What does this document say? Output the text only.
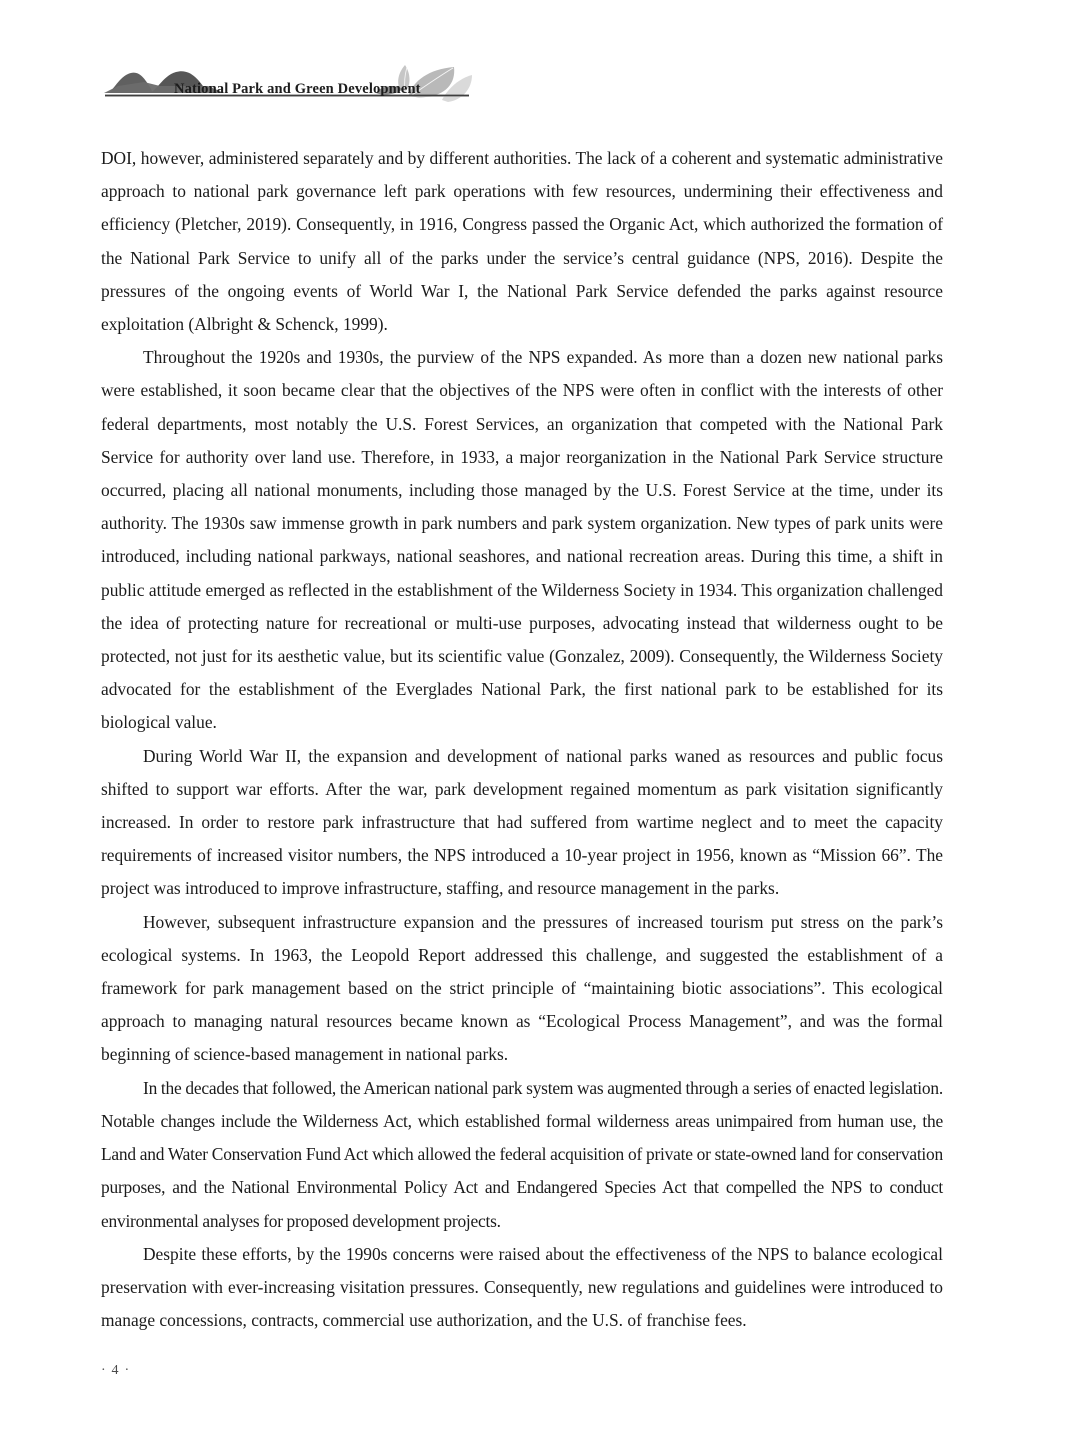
National Park and Green Development

DOI, however, administered separately and by different authorities. The lack of a coherent and systematic administrative approach to national park governance left park operations with few resources, undermining their effectiveness and efficiency (Pletcher, 2019). Consequently, in 1916, Congress passed the Organic Act, which authorized the formation of the National Park Service to unify all of the parks under the service’s central guidance (NPS, 2016). Despite the pressures of the ongoing events of World War I, the National Park Service defended the parks against resource exploitation (Albright & Schenck, 1999).

Throughout the 1920s and 1930s, the purview of the NPS expanded. As more than a dozen new national parks were established, it soon became clear that the objectives of the NPS were often in conflict with the interests of other federal departments, most notably the U.S. Forest Services, an organization that competed with the National Park Service for authority over land use. Therefore, in 1933, a major reorganization in the National Park Service structure occurred, placing all national monuments, including those managed by the U.S. Forest Service at the time, under its authority. The 1930s saw immense growth in park numbers and park system organization. New types of park units were introduced, including national parkways, national seashores, and national recreation areas. During this time, a shift in public attitude emerged as reflected in the establishment of the Wilderness Society in 1934. This organization challenged the idea of protecting nature for recreational or multi-use purposes, advocating instead that wilderness ought to be protected, not just for its aesthetic value, but its scientific value (Gonzalez, 2009). Consequently, the Wilderness Society advocated for the establishment of the Everglades National Park, the first national park to be established for its biological value.

During World War II, the expansion and development of national parks waned as resources and public focus shifted to support war efforts. After the war, park development regained momentum as park visitation significantly increased. In order to restore park infrastructure that had suffered from wartime neglect and to meet the capacity requirements of increased visitor numbers, the NPS introduced a 10-year project in 1956, known as “Mission 66”. The project was introduced to improve infrastructure, staffing, and resource management in the parks.

However, subsequent infrastructure expansion and the pressures of increased tourism put stress on the park’s ecological systems. In 1963, the Leopold Report addressed this challenge, and suggested the establishment of a framework for park management based on the strict principle of “maintaining biotic associations”. This ecological approach to managing natural resources became known as “Ecological Process Management”, and was the formal beginning of science-based management in national parks.

In the decades that followed, the American national park system was augmented through a series of enacted legislation. Notable changes include the Wilderness Act, which established formal wilderness areas unimpaired from human use, the Land and Water Conservation Fund Act which allowed the federal acquisition of private or state-owned land for conservation purposes, and the National Environmental Policy Act and Endangered Species Act that compelled the NPS to conduct environmental analyses for proposed development projects.

Despite these efforts, by the 1990s concerns were raised about the effectiveness of the NPS to balance ecological preservation with ever-increasing visitation pressures. Consequently, new regulations and guidelines were introduced to manage concessions, contracts, commercial use authorization, and the U.S. of franchise fees.

· 4 ·
